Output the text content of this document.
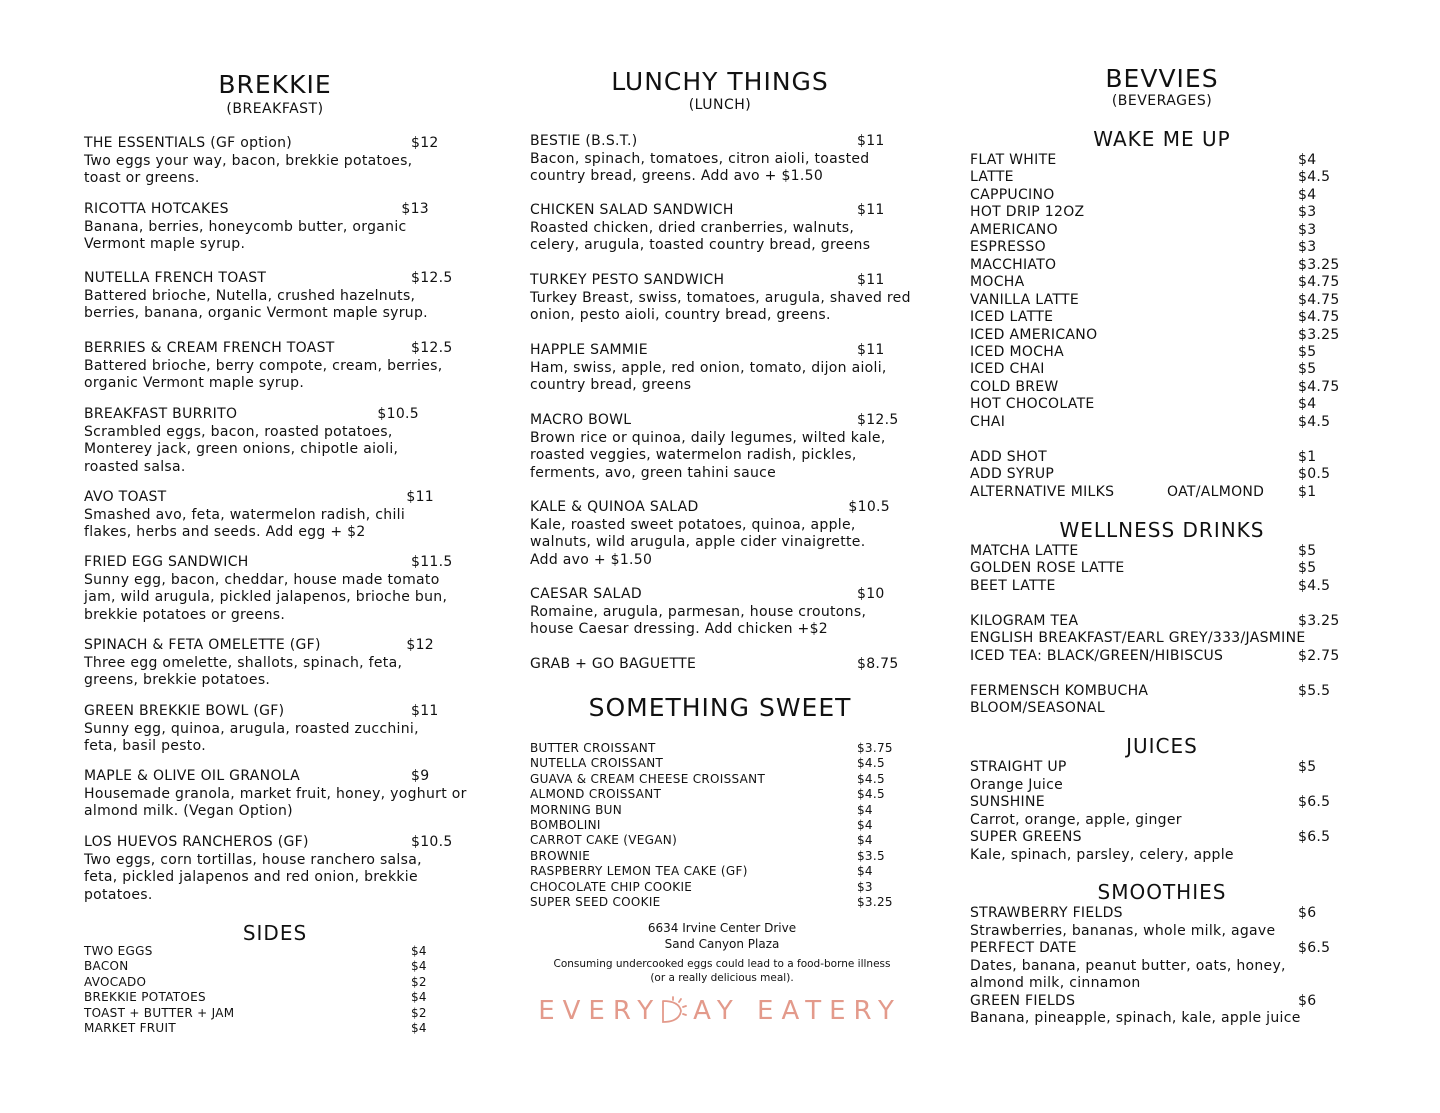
BREKKIE
(BREAKFAST)
THE ESSENTIALS (GF option)	$12
Two eggs your way, bacon, brekkie potatoes, toast or greens.
RICOTTA HOTCAKES	$13
Banana, berries, honeycomb butter, organic Vermont maple syrup.
NUTELLA FRENCH TOAST	$12.5
Battered brioche, Nutella, crushed hazelnuts, berries, banana, organic Vermont maple syrup.
BERRIES & CREAM FRENCH TOAST	$12.5
Battered brioche, berry compote, cream, berries, organic Vermont maple syrup.
BREAKFAST BURRITO	$10.5
Scrambled eggs, bacon, roasted potatoes, Monterey jack, green onions, chipotle aioli, roasted salsa.
AVO TOAST	$11
Smashed avo, feta, watermelon radish, chili flakes, herbs and seeds. Add egg + $2
FRIED EGG SANDWICH	$11.5
Sunny egg, bacon, cheddar, house made tomato jam, wild arugula, pickled jalapenos, brioche bun, brekkie potatoes or greens.
SPINACH & FETA OMELETTE (GF)	$12
Three egg omelette, shallots, spinach, feta, greens, brekkie potatoes.
GREEN BREKKIE BOWL (GF)	$11
Sunny egg, quinoa, arugula, roasted zucchini, feta, basil pesto.
MAPLE & OLIVE OIL GRANOLA	$9
Housemade granola, market fruit, honey, yoghurt or almond milk. (Vegan Option)
LOS HUEVOS RANCHEROS (GF)	$10.5
Two eggs, corn tortillas, house ranchero salsa, feta, pickled jalapenos and red onion, brekkie potatoes.
SIDES
TWO EGGS	$4
BACON	$4
AVOCADO	$2
BREKKIE POTATOES	$4
TOAST + BUTTER + JAM	$2
MARKET FRUIT	$4
LUNCHY THINGS
(LUNCH)
BESTIE (B.S.T.)	$11
Bacon, spinach, tomatoes, citron aioli, toasted country bread, greens. Add avo + $1.50
CHICKEN SALAD SANDWICH	$11
Roasted chicken, dried cranberries, walnuts, celery, arugula, toasted country bread, greens
TURKEY PESTO SANDWICH	$11
Turkey Breast, swiss, tomatoes, arugula, shaved red onion, pesto aioli, country bread, greens.
HAPPLE SAMMIE	$11
Ham, swiss, apple, red onion, tomato, dijon aioli, country bread, greens
MACRO BOWL	$12.5
Brown rice or quinoa, daily legumes, wilted kale, roasted veggies, watermelon radish, pickles, ferments, avo, green tahini sauce
KALE & QUINOA SALAD	$10.5
Kale, roasted sweet potatoes, quinoa, apple, walnuts, wild arugula, apple cider vinaigrette. Add avo + $1.50
CAESAR SALAD	$10
Romaine, arugula, parmesan, house croutons, house Caesar dressing. Add chicken +$2
GRAB + GO BAGUETTE	$8.75
SOMETHING SWEET
BUTTER CROISSANT	$3.75
NUTELLA CROISSANT	$4.5
GUAVA & CREAM CHEESE CROISSANT	$4.5
ALMOND CROISSANT	$4.5
MORNING BUN	$4
BOMBOLINI	$4
CARROT CAKE (VEGAN)	$4
BROWNIE	$3.5
RASPBERRY LEMON TEA CAKE (GF)	$4
CHOCOLATE CHIP COOKIE	$3
SUPER SEED COOKIE	$3.25
6634 Irvine Center Drive
Sand Canyon Plaza
Consuming undercooked eggs could lead to a food-borne illness
(or a really delicious meal).
EVERY AY EATERY
BEVVIES
(BEVERAGES)
WAKE ME UP
FLAT WHITE	$4
LATTE	$4.5
CAPPUCINO	$4
HOT DRIP 12OZ	$3
AMERICANO	$3
ESPRESSO	$3
MACCHIATO	$3.25
MOCHA	$4.75
VANILLA LATTE	$4.75
ICED LATTE	$4.75
ICED AMERICANO	$3.25
ICED MOCHA	$5
ICED CHAI	$5
COLD BREW	$4.75
HOT CHOCOLATE	$4
CHAI	$4.5
ADD SHOT	$1
ADD SYRUP	$0.5
ALTERNATIVE MILKS	OAT/ALMOND	$1
WELLNESS DRINKS
MATCHA LATTE	$5
GOLDEN ROSE LATTE	$5
BEET LATTE	$4.5
KILOGRAM TEA	$3.25
ENGLISH BREAKFAST/EARL GREY/333/JASMINE
ICED TEA: BLACK/GREEN/HIBISCUS	$2.75
FERMENSCH KOMBUCHA	$5.5
BLOOM/SEASONAL
JUICES
STRAIGHT UP	$5
Orange Juice
SUNSHINE	$6.5
Carrot, orange, apple, ginger
SUPER GREENS	$6.5
Kale, spinach, parsley, celery, apple
SMOOTHIES
STRAWBERRY FIELDS	$6
Strawberries, bananas, whole milk, agave
PERFECT DATE	$6.5
Dates, banana, peanut butter, oats, honey, almond milk, cinnamon
GREEN FIELDS	$6
Banana, pineapple, spinach, kale, apple juice
